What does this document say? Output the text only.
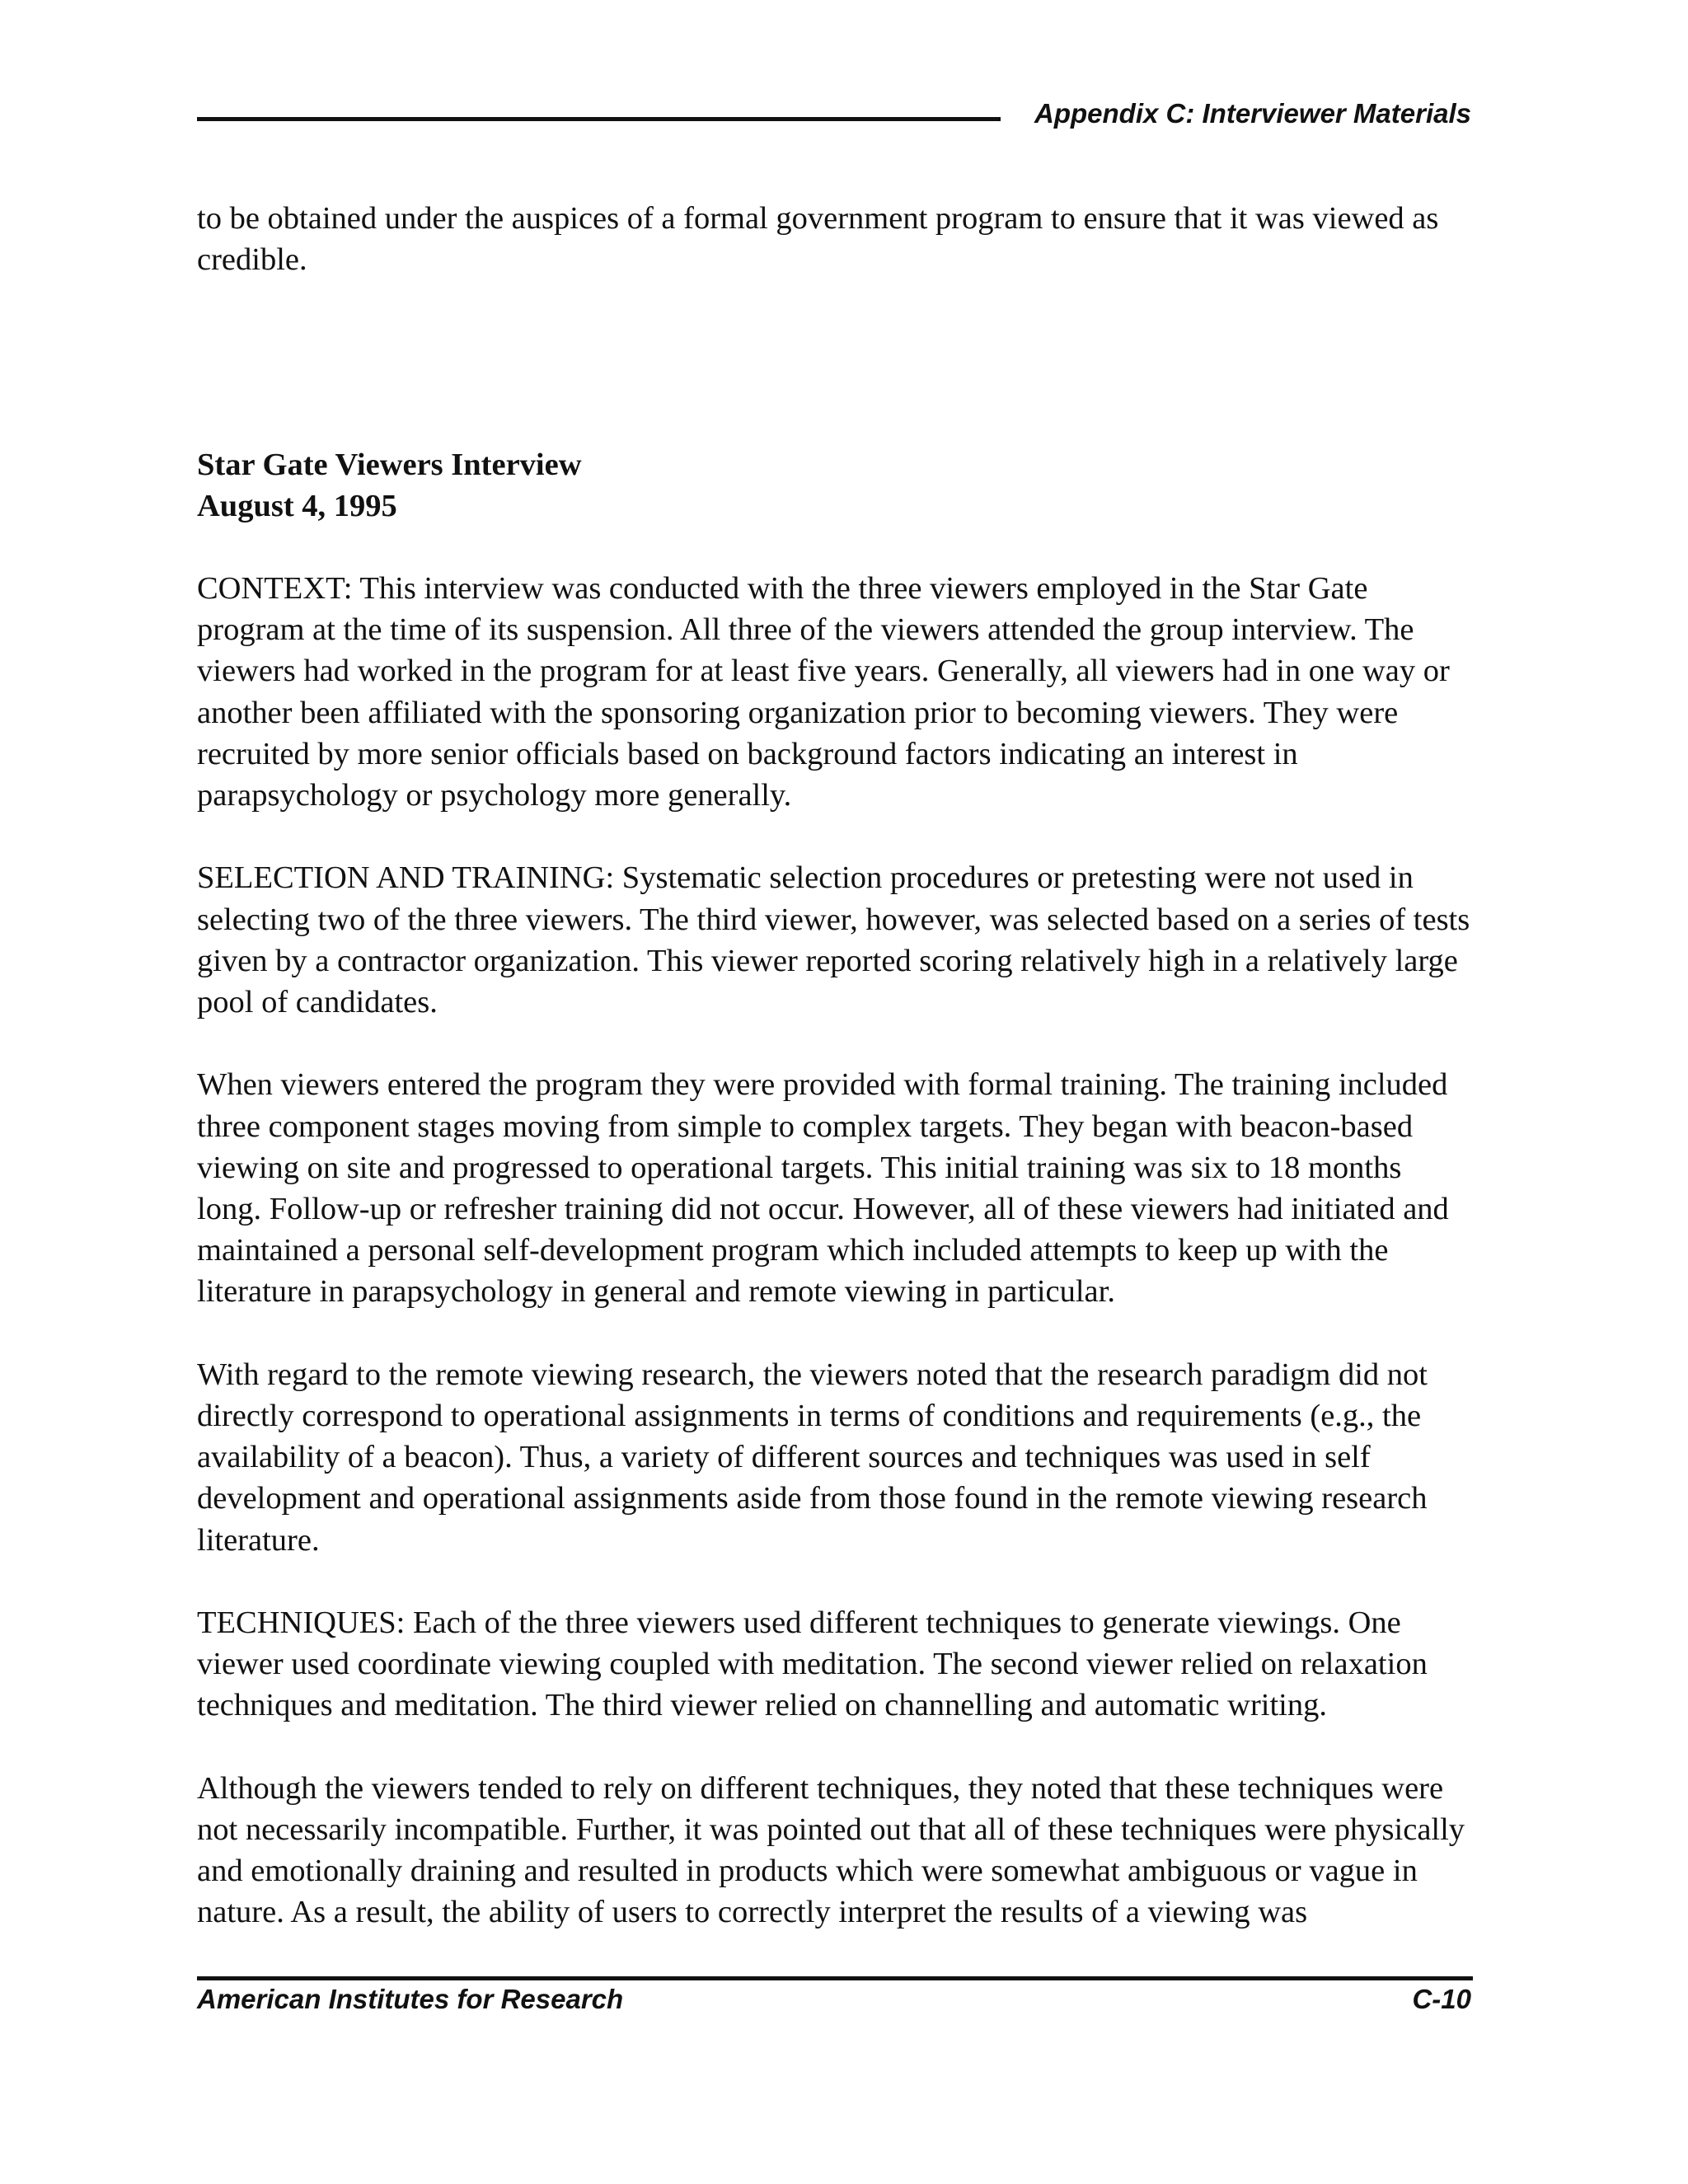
Appendix C: Interviewer Materials

to be obtained under the auspices of a formal government program to ensure that it was viewed as credible.

Star Gate Viewers Interview

August 4, 1995

CONTEXT: This interview was conducted with the three viewers employed in the Star Gate program at the time of its suspension. All three of the viewers attended the group interview. The viewers had worked in the program for at least five years. Generally, all viewers had in one way or another been affiliated with the sponsoring organization prior to becoming viewers. They were recruited by more senior officials based on background factors indicating an interest in parapsychology or psychology more generally.

SELECTION AND TRAINING: Systematic selection procedures or pretesting were not used in selecting two of the three viewers. The third viewer, however, was selected based on a series of tests given by a contractor organization. This viewer reported scoring relatively high in a relatively large pool of candidates.

When viewers entered the program they were provided with formal training. The training included three component stages moving from simple to complex targets. They began with beacon-based viewing on site and progressed to operational targets. This initial training was six to 18 months long. Follow-up or refresher training did not occur. However, all of these viewers had initiated and maintained a personal self-development program which included attempts to keep up with the literature in parapsychology in general and remote viewing in particular.

With regard to the remote viewing research, the viewers noted that the research paradigm did not directly correspond to operational assignments in terms of conditions and requirements (e.g., the availability of a beacon). Thus, a variety of different sources and techniques was used in self development and operational assignments aside from those found in the remote viewing research literature.

TECHNIQUES: Each of the three viewers used different techniques to generate viewings. One viewer used coordinate viewing coupled with meditation. The second viewer relied on relaxation techniques and meditation. The third viewer relied on channelling and automatic writing.

Although the viewers tended to rely on different techniques, they noted that these techniques were not necessarily incompatible. Further, it was pointed out that all of these techniques were physically and emotionally draining and resulted in products which were somewhat ambiguous or vague in nature. As a result, the ability of users to correctly interpret the results of a viewing was

American Institutes for Research	C-10
